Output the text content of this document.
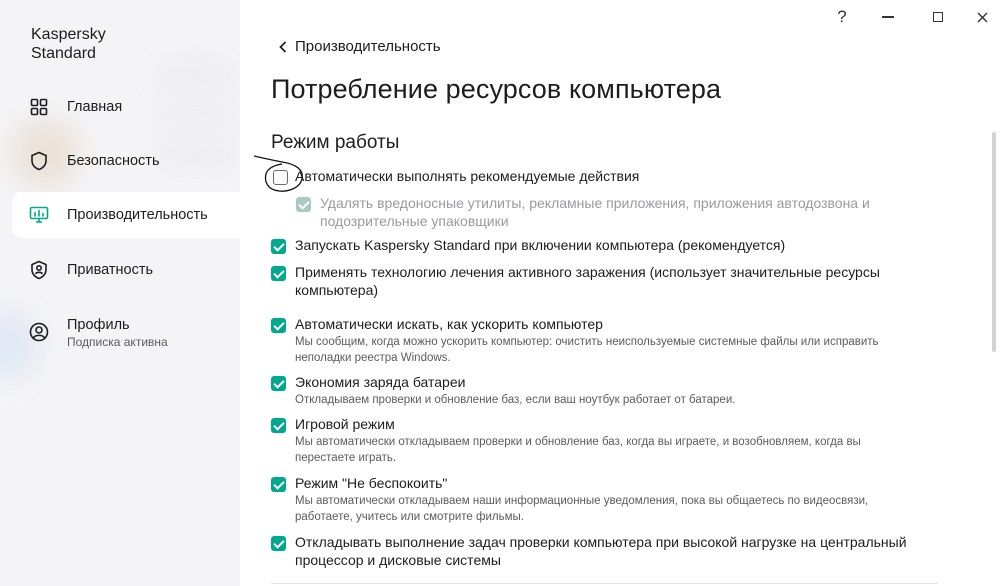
Kaspersky
Standard
Главная
Безопасность
Производительность
Приватность
Профиль
Подписка активна
?
Производительность
Потребление ресурсов компьютера
Режим работы
Автоматически выполнять рекомендуемые действия
Удалять вредоносные утилиты, рекламные приложения, приложения автодозвона и подозрительные упаковщики
Запускать Kaspersky Standard при включении компьютера (рекомендуется)
Применять технологию лечения активного заражения (использует значительные ресурсы компьютера)
Автоматически искать, как ускорить компьютер
Мы сообщим, когда можно ускорить компьютер: очистить неиспользуемые системные файлы или исправить неполадки реестра Windows.
Экономия заряда батареи
Откладываем проверки и обновление баз, если ваш ноутбук работает от батареи.
Игровой режим
Мы автоматически откладываем проверки и обновление баз, когда вы играете, и возобновляем, когда вы перестаете играть.
Режим "Не беспокоить"
Мы автоматически откладываем наши информационные уведомления, пока вы общаетесь по видеосвязи, работаете, учитесь или смотрите фильмы.
Откладывать выполнение задач проверки компьютера при высокой нагрузке на центральный процессор и дисковые системы
